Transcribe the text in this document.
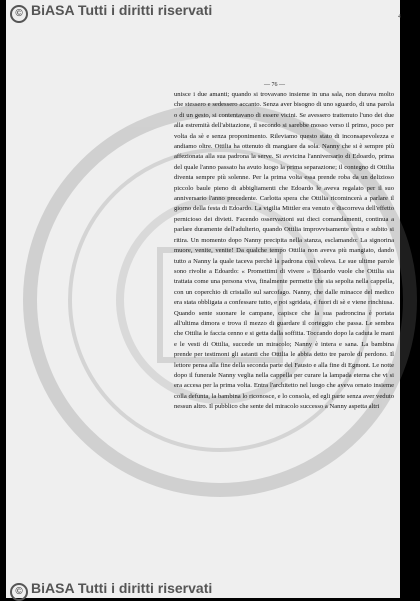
© BiASA Tutti i diritti riservati	4
— 76 —

unisce i due amanti; quando si trovavano insieme in una sala, non durava molto che stessero e sedessero accanto. Senza aver bisogno di uno sguardo, di una parola o di un gesto, si contentavano di essere vicini. Se avessero trattenuto l'uno dei due alla estremità dell'abitazione, il secondo si sarebbe mosso verso il primo, poco per volta da sè e senza proponimento. Rileviamo questo stato di inconsapevolezza e andiamo oltre. Ottilia ha ottenuto di mangiare da sola. Nanny che si è sempre più affezionata alla sua padrona la serve. Si avvicina l'anniversario di Edoardo, prima del quale l'anno passato ha avuto luogo la prima separazione; il contegno di Ottilia diventa sempre più solenne. Per la prima volta essa prende roba da un delizioso piccolo baule pieno di abbigliamenti che Edoardo le aveva regalato per il suo anniversario l'anno precedente. Carlotta spera che Ottilia ricomincerà a parlare il giorno della festa di Edoardo. La vigilia Mittler era venuto e discorreva dell'effetto pernicioso dei divieti. Facendo osservazioni sui dieci comandamenti, continua a parlare duramente dell'adulterio, quando Ottilia improvvisamente entra e subito si ritira. Un momento dopo Nanny precipita nella stanza, esclamando: La signorina muore, venite, venite! Da qualche tempo Ottilia non aveva più mangiato, dando tutto a Nanny la quale taceva perchè la padrona così voleva. Le sue ultime parole sono rivolte a Edoardo: « Promettimi di vivere » Edoardo vuole che Ottilia sia trattata come una persona viva, finalmente permette che sia sepolta nella cappella, con un coperchio di cristallo sul sarcofago. Nanny, che dalle minacce del medico era stata obbligata a confessare tutto, e poi sgridata, è fuori di sè e viene rinchiusa. Quando sente suonare le campane, capisce che la sua padroncina è portata all'ultima dimora e trova il mezzo di guardare il corteggio che passa. Le sembra che Ottilia le faccia cenno e si getta dalla soffitta. Toccando dopo la caduta le mani e le vesti di Ottilia, succede un miracolo; Nanny è intera e sana. La bambina prende per testimoni gli astanti che Ottilia le abbia detto tre parole di perdono. Il lettore pensa alla fine della seconda parte del Fausto e alla fine di Egmont. Le notte dopo il funerale Nanny veglia nella cappella per curare la lampada eterna che vi si era accesa per la prima volta. Entra l'architetto nel luogo che aveva ornato insieme colla defunta, la bambina lo riconosce, e lo consola, ed egli parte senza aver veduto nessun altro. Il pubblico che sente del miracolo successo a Nanny aspetta altri

© BiASA Tutti i diritti riservati
